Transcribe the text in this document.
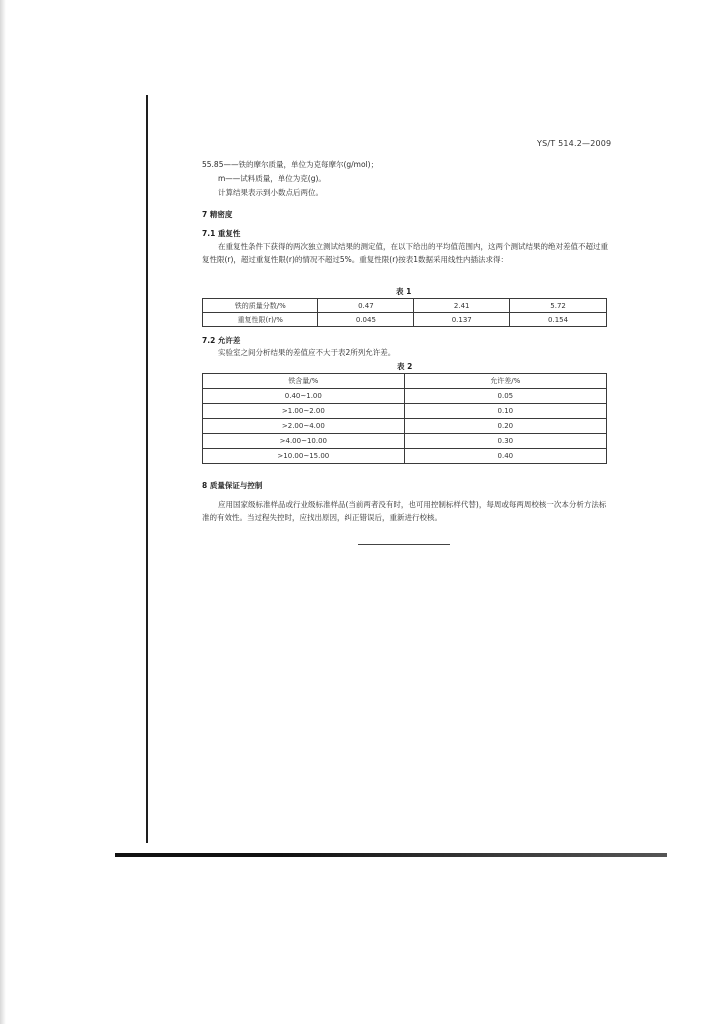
YS/T 514.2—2009
55.85——铁的摩尔质量，单位为克每摩尔(g/mol)；
m——试料质量，单位为克(g)。
计算结果表示到小数点后两位。
7 精密度
7.1 重复性
在重复性条件下获得的两次独立测试结果的测定值，在以下给出的平均值范围内，这两个测试结果的绝对差值不超过重复性限(r)，超过重复性限(r)的情况不超过5%。重复性限(r)按表1数据采用线性内插法求得：
表 1
铁的质量分数/%	0.47	2.41	5.72
重复性限(r)/%	0.045	0.137	0.154
7.2 允许差
实验室之间分析结果的差值应不大于表2所列允许差。
表 2
铁含量/%	允许差/%
0.40~1.00	0.05
>1.00~2.00	0.10
>2.00~4.00	0.20
>4.00~10.00	0.30
>10.00~15.00	0.40
8 质量保证与控制
应用国家级标准样品或行业级标准样品(当前两者没有时，也可用控制标样代替)，每周或每两周校核一次本分析方法标准的有效性。当过程失控时，应找出原因，纠正错误后，重新进行校核。
